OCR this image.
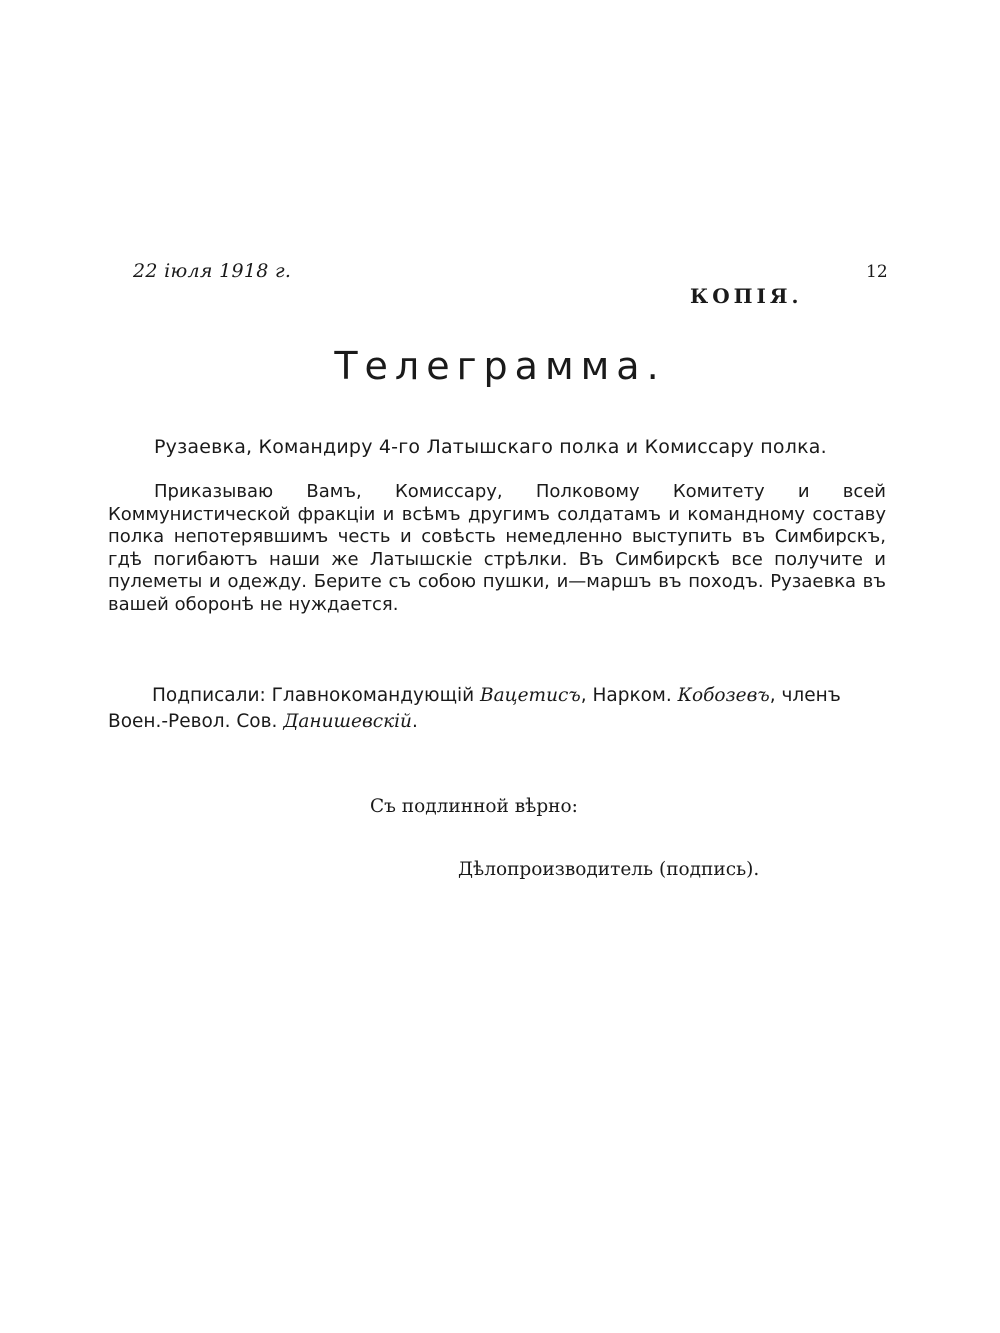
22 іюля 1918 г.	12
КОПІЯ.
Телеграмма.
Рузаевка, Командиру 4-го Латышскаго полка и Комиссару полка.

Приказываю Вамъ, Комиссару, Полковому Комитету и всей Коммунистической фракціи и всѣмъ другимъ солдатамъ и командному составу полка непотерявшимъ честь и совѣсть немедленно выступить въ Симбирскъ, гдѣ погибаютъ наши же Латышскіе стрѣлки. Въ Симбирскѣ все получите и пулеметы и одежду. Берите съ собою пушки, и—маршъ въ походъ. Рузаевка въ вашей оборонѣ не нуждается.

Подписали: Главнокомандующій Вацетисъ, Нарком. Кобозевъ, членъ Воен.-Револ. Сов. Данишевскій.

Съ подлинной вѣрно:
Дѣлопроизводитель (подпись).
